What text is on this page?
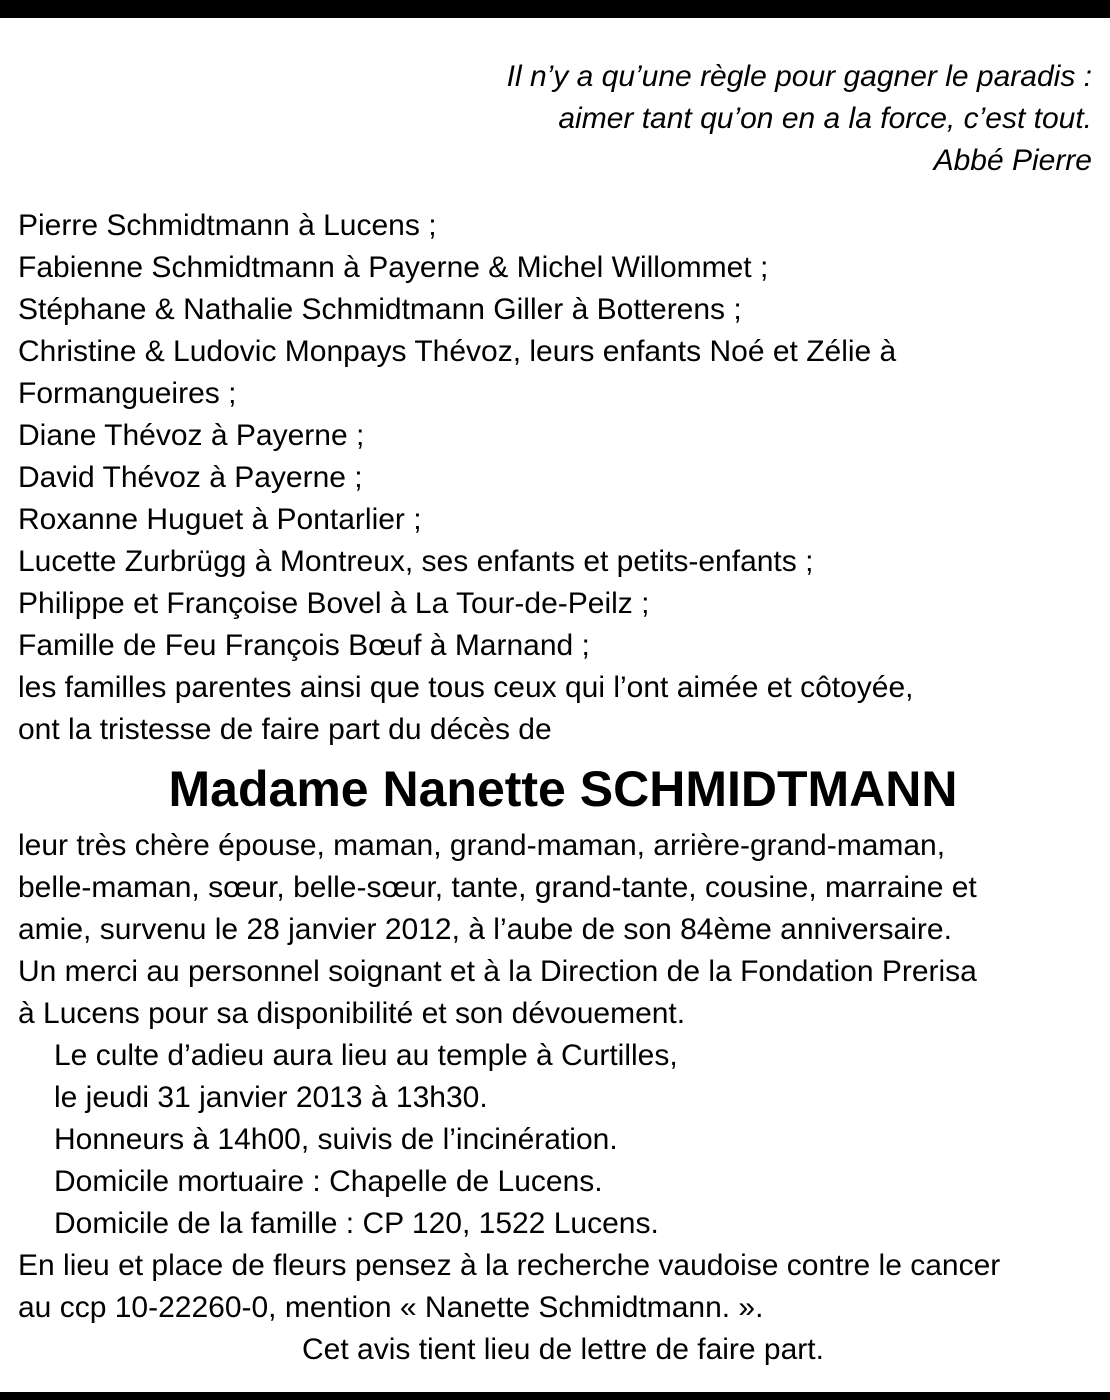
Il n’y a qu’une règle pour gagner le paradis :
aimer tant qu’on en a la force, c’est tout.
Abbé Pierre
Pierre Schmidtmann à Lucens ;
Fabienne Schmidtmann à Payerne & Michel Willommet ;
Stéphane & Nathalie Schmidtmann Giller à Botterens ;
Christine & Ludovic Monpays Thévoz, leurs enfants Noé et Zélie à
Formangueires ;
Diane Thévoz à Payerne ;
David Thévoz à Payerne ;
Roxanne Huguet à Pontarlier ;
Lucette Zurbrügg à Montreux, ses enfants et petits-enfants ;
Philippe et Françoise Bovel à La Tour-de-Peilz ;
Famille de Feu François Bœuf à Marnand ;
les familles parentes ainsi que tous ceux qui l’ont aimée et côtoyée,
ont la tristesse de faire part du décès de
Madame Nanette SCHMIDTMANN
leur très chère épouse, maman, grand-maman, arrière-grand-maman,
belle-maman, sœur, belle-sœur, tante, grand-tante, cousine, marraine et
amie, survenu le 28 janvier 2012, à l’aube de son 84ème anniversaire.
Un merci au personnel soignant et à la Direction de la Fondation Prerisa
à Lucens pour sa disponibilité et son dévouement.
Le culte d’adieu aura lieu au temple à Curtilles,
le jeudi 31 janvier 2013 à 13h30.
Honneurs à 14h00, suivis de l’incinération.
Domicile mortuaire : Chapelle de Lucens.
Domicile de la famille : CP 120, 1522 Lucens.
En lieu et place de fleurs pensez à la recherche vaudoise contre le cancer
au ccp 10-22260-0, mention « Nanette Schmidtmann. ».
Cet avis tient lieu de lettre de faire part.
